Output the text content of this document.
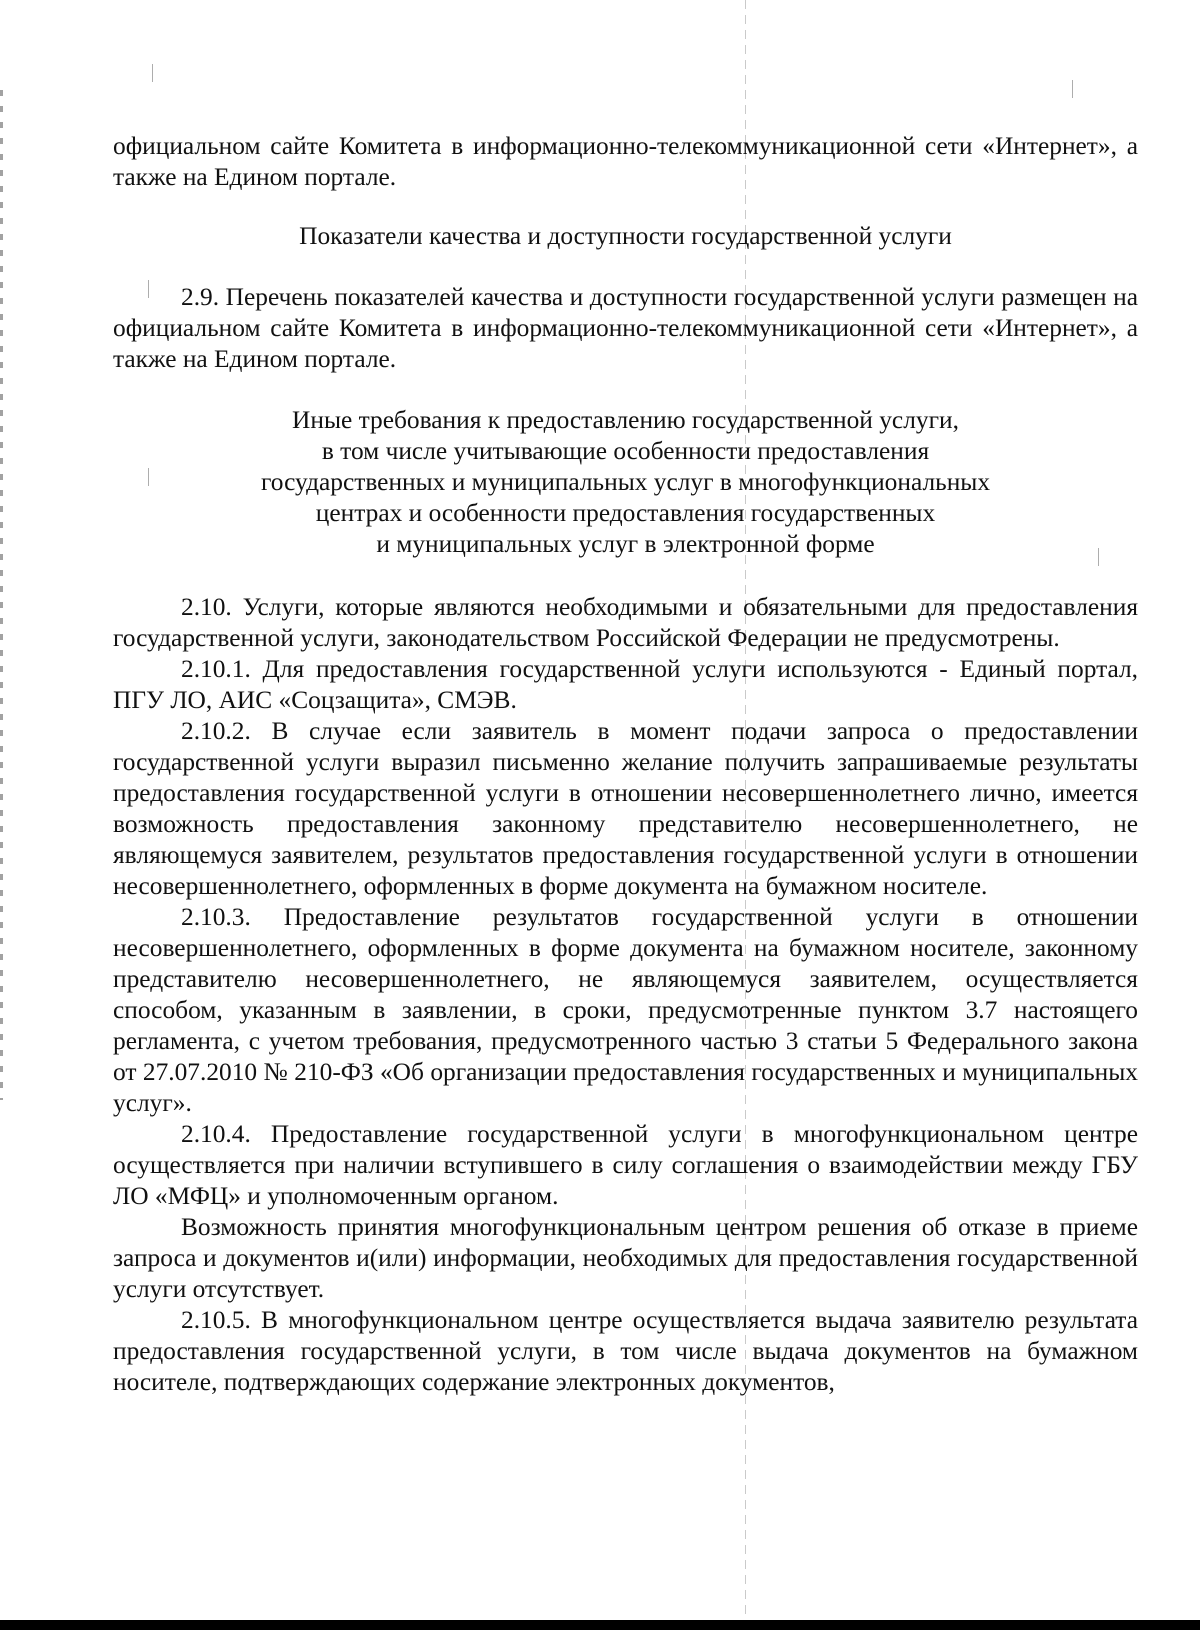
официальном сайте Комитета в информационно-телекоммуникационной сети «Интернет», а также на Едином портале.

Показатели качества и доступности государственной услуги

2.9. Перечень показателей качества и доступности государственной услуги размещен на официальном сайте Комитета в информационно-телекоммуникационной сети «Интернет», а также на Едином портале.

Иные требования к предоставлению государственной услуги,
в том числе учитывающие особенности предоставления
государственных и муниципальных услуг в многофункциональных
центрах и особенности предоставления государственных
и муниципальных услуг в электронной форме

2.10. Услуги, которые являются необходимыми и обязательными для предоставления государственной услуги, законодательством Российской Федерации не предусмотрены.

2.10.1. Для предоставления государственной услуги используются - Единый портал, ПГУ ЛО, АИС «Соцзащита», СМЭВ.

2.10.2. В случае если заявитель в момент подачи запроса о предоставлении государственной услуги выразил письменно желание получить запрашиваемые результаты предоставления государственной услуги в отношении несовершеннолетнего лично, имеется возможность предоставления законному представителю несовершеннолетнего, не являющемуся заявителем, результатов предоставления государственной услуги в отношении несовершеннолетнего, оформленных в форме документа на бумажном носителе.

2.10.3. Предоставление результатов государственной услуги в отношении несовершеннолетнего, оформленных в форме документа на бумажном носителе, законному представителю несовершеннолетнего, не являющемуся заявителем, осуществляется способом, указанным в заявлении, в сроки, предусмотренные пунктом 3.7 настоящего регламента, с учетом требования, предусмотренного частью 3 статьи 5 Федерального закона от 27.07.2010 № 210-ФЗ «Об организации предоставления государственных и муниципальных услуг».

2.10.4. Предоставление государственной услуги в многофункциональном центре осуществляется при наличии вступившего в силу соглашения о взаимодействии между ГБУ ЛО «МФЦ» и уполномоченным органом.

Возможность принятия многофункциональным центром решения об отказе в приеме запроса и документов и(или) информации, необходимых для предоставления государственной услуги отсутствует.

2.10.5. В многофункциональном центре осуществляется выдача заявителю результата предоставления государственной услуги, в том числе выдача документов на бумажном носителе, подтверждающих содержание электронных документов,
